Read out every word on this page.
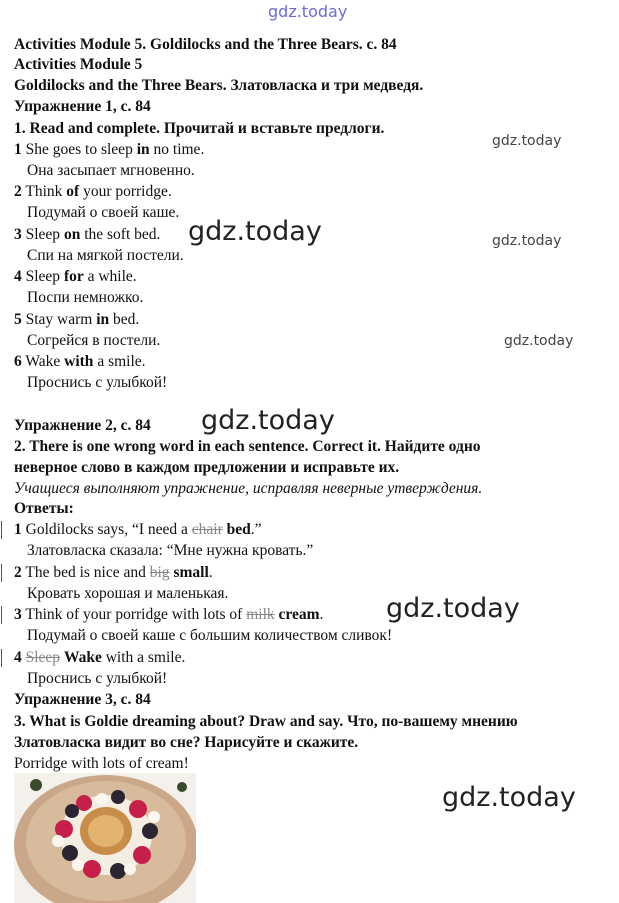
gdz.today
gdz.today
gdz.today	gdz.today
gdz.today
gdz.today
gdz.today
gdz.today
Activities Module 5. Goldilocks and the Three Bears. с. 84
Activities Module 5
Goldilocks and the Three Bears. Златовласка и три медведя.
Упражнение 1, с. 84
1. Read and complete. Прочитай и вставьте предлоги.
1 She goes to sleep in no time.
Она засыпает мгновенно.
2 Think of your porridge.
Подумай о своей каше.
3 Sleep on the soft bed.
Спи на мягкой постели.
4 Sleep for a while.
Поспи немножко.
5 Stay warm in bed.
Согрейся в постели.
6 Wake with a smile.
Проснись с улыбкой!
Упражнение 2, с. 84
2. There is one wrong word in each sentence. Correct it. Найдите одно
неверное слово в каждом предложении и исправьте их.
Учащиеся выполняют упражнение, исправляя неверные утверждения.
Ответы:
1 Goldilocks says, “I need a chair bed.”
Златовласка сказала: “Мне нужна кровать.”
2 The bed is nice and big small.
Кровать хорошая и маленькая.
3 Think of your porridge with lots of milk cream.
Подумай о своей каше с большим количеством сливок!
4 Sleep Wake with a smile.
Проснись с улыбкой!
Упражнение 3, с. 84
3. What is Goldie dreaming about? Draw and say. Что, по-вашему мнению
Златовласка видит во сне? Нарисуйте и скажите.
Porridge with lots of cream!
